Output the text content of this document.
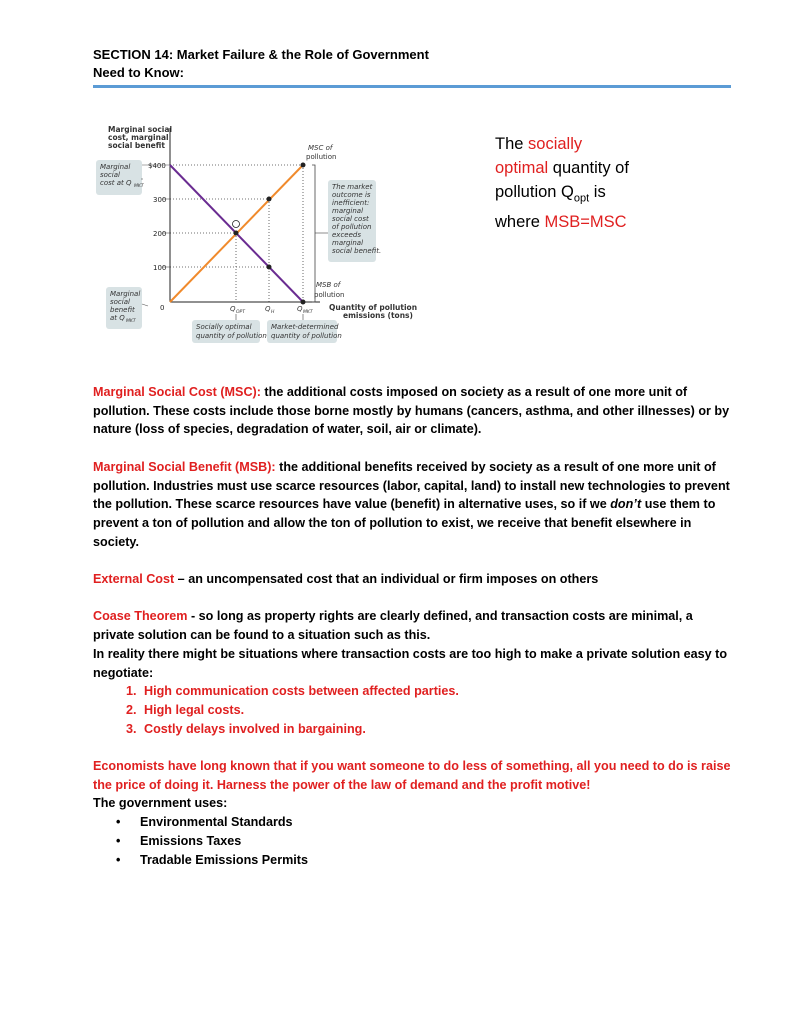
SECTION 14: Market Failure & the Role of Government
Need to Know:
Marginal social
cost, marginal
social benefit
Marginal
social
cost at Q MKT
Marginal
social
benefit
at Q MKT
The market
outcome is
inefficient:
marginal
social cost
of pollution
exceeds
marginal
social benefit.
Socially optimal
quantity of pollution
Market-determined
quantity of pollution
$400
300
200
100
0
MSC of
pollution
MSB of
pollution
Q OPT	Q H	Q MKT
Quantity of pollution
emissions (tons)
The socially
optimal quantity of
pollution $Q_{opt}$ is
where MSB=MSC

Marginal Social Cost (MSC): the additional costs imposed on society as a result of one more unit of pollution. These costs include those borne mostly by humans (cancers, asthma, and other illnesses) or by nature (loss of species, degradation of water, soil, air or climate).

Marginal Social Benefit (MSB): the additional benefits received by society as a result of one more unit of pollution. Industries must use scarce resources (labor, capital, land) to install new technologies to prevent the pollution. These scarce resources have value (benefit) in alternative uses, so if we don’t use them to prevent a ton of pollution and allow the ton of pollution to exist, we receive that benefit elsewhere in society.

External Cost – an uncompensated cost that an individual or firm imposes on others

Coase Theorem - so long as property rights are clearly defined, and transaction costs are minimal, a private solution can be found to a situation such as this.

In reality there might be situations where transaction costs are too high to make a private solution easy to negotiate:

1. High communication costs between affected parties.
2. High legal costs.
3. Costly delays involved in bargaining.

Economists have long known that if you want someone to do less of something, all you need to do is raise the price of doing it. Harness the power of the law of demand and the profit motive!

The government uses:

• Environmental Standards
• Emissions Taxes
• Tradable Emissions Permits
